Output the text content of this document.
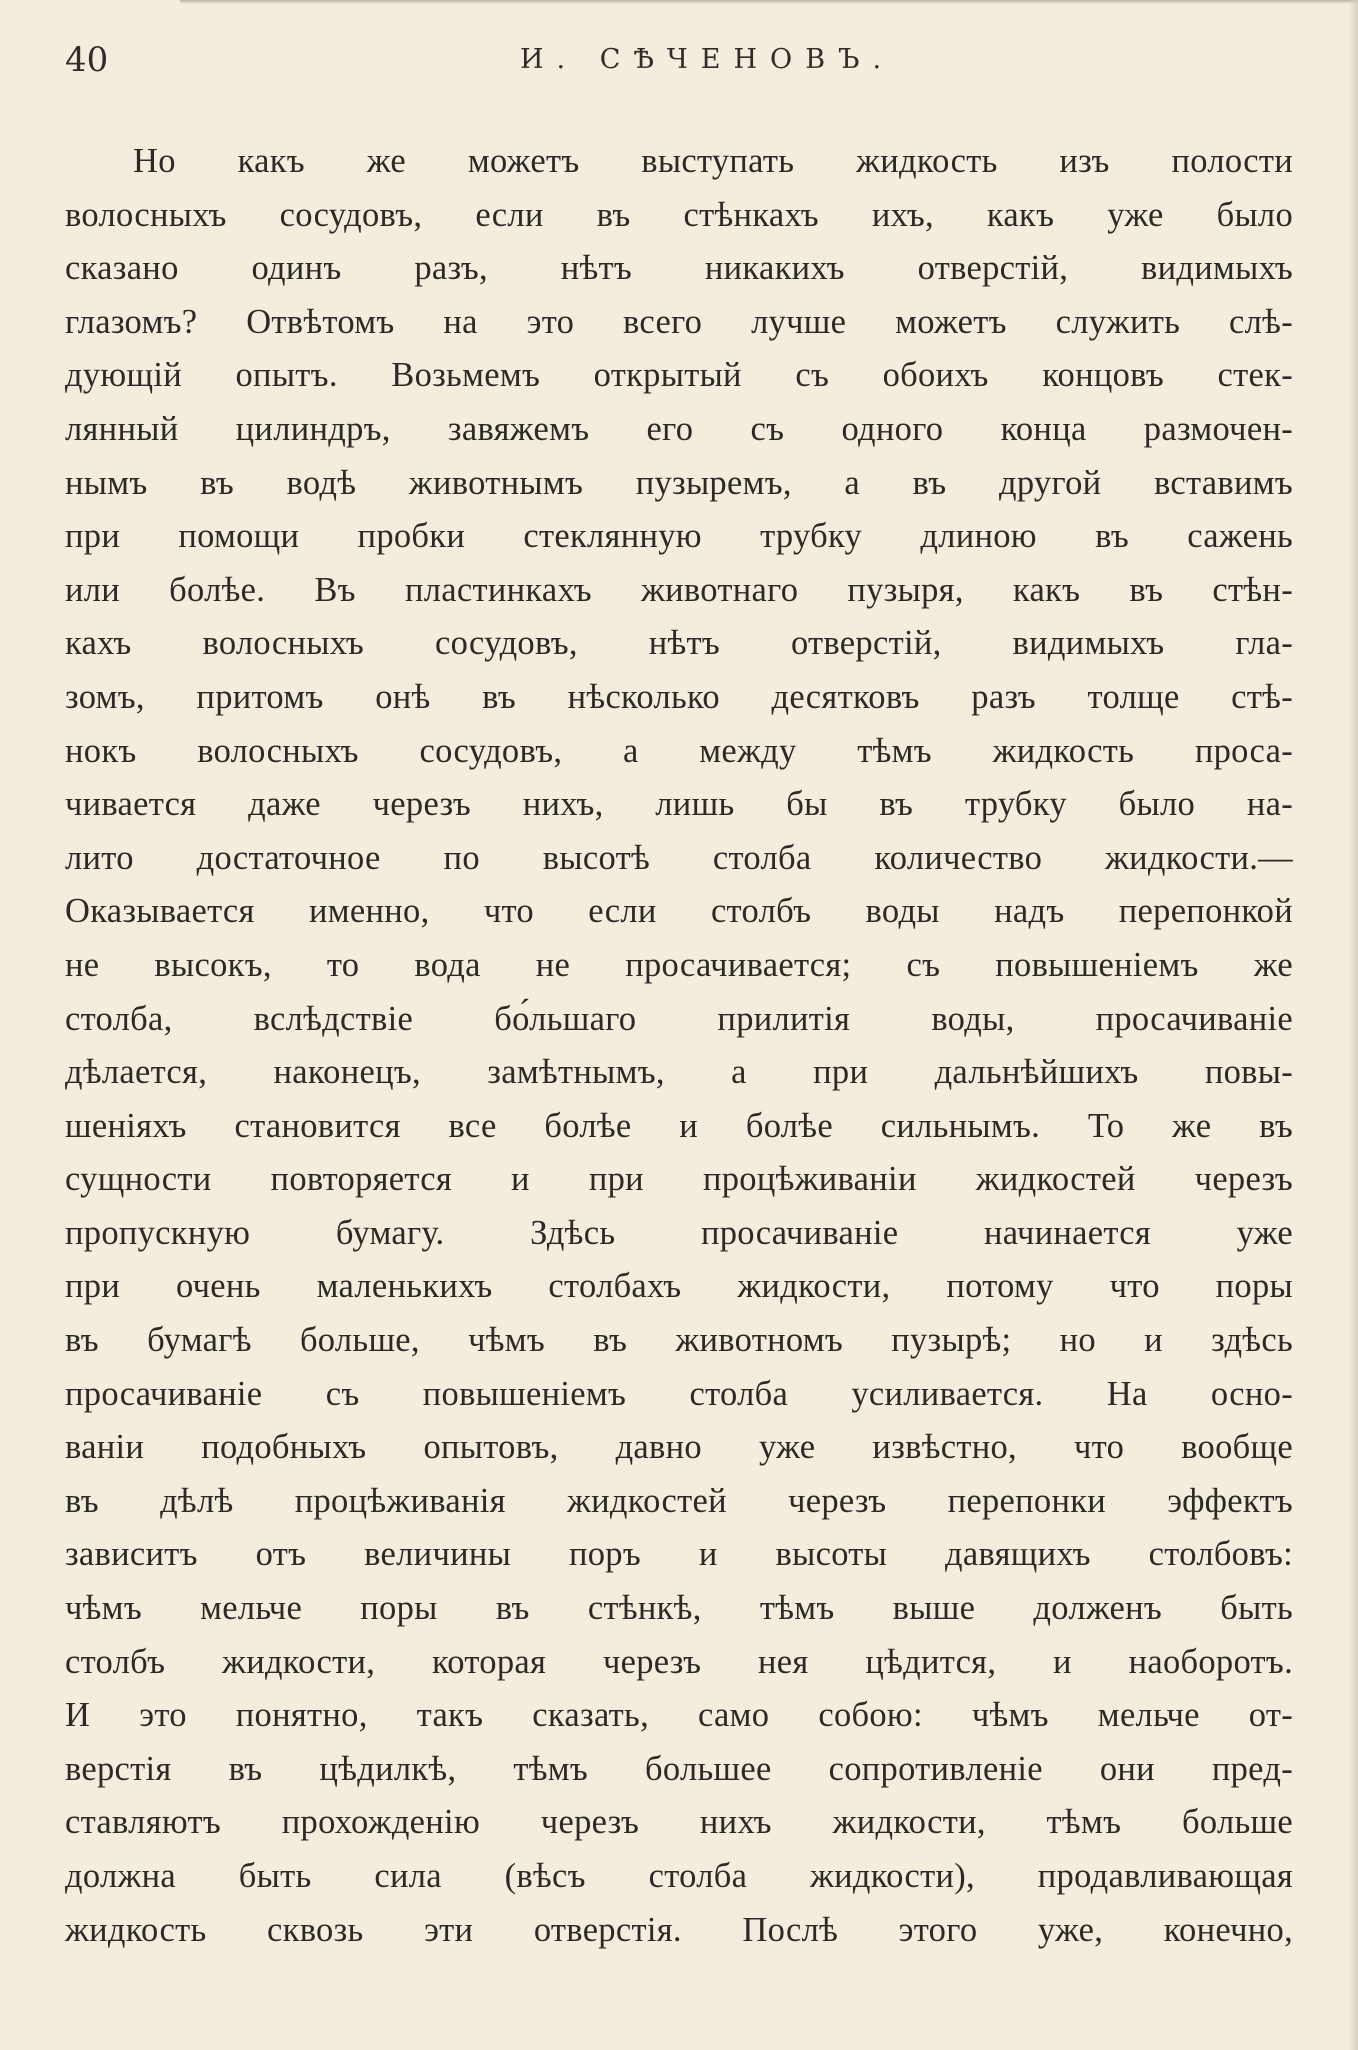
40	И. СѢЧЕНОВЪ.
Но какъ же можетъ выступать жидкость изъ полости
волосныхъ сосудовъ, если въ стѣнкахъ ихъ, какъ уже было
сказано одинъ разъ, нѣтъ никакихъ отверстій, видимыхъ
глазомъ? Отвѣтомъ на это всего лучше можетъ служить слѣ-
дующій опытъ. Возьмемъ открытый съ обоихъ концовъ стек-
лянный цилиндръ, завяжемъ его съ одного конца размочен-
нымъ въ водѣ животнымъ пузыремъ, а въ другой вставимъ
при помощи пробки стеклянную трубку длиною въ сажень
или болѣе. Въ пластинкахъ животнаго пузыря, какъ въ стѣн-
кахъ волосныхъ сосудовъ, нѣтъ отверстій, видимыхъ гла-
зомъ, притомъ онѣ въ нѣсколько десятковъ разъ толще стѣ-
нокъ волосныхъ сосудовъ, а между тѣмъ жидкость проса-
чивается даже черезъ нихъ, лишь бы въ трубку было на-
лито достаточное по высотѣ столба количество жидкости.—
Оказывается именно, что если столбъ воды надъ перепонкой
не высокъ, то вода не просачивается; съ повышеніемъ же
столба, вслѣдствіе бо́льшаго прилитія воды, просачиваніе
дѣлается, наконецъ, замѣтнымъ, а при дальнѣйшихъ повы-
шеніяхъ становится все болѣе и болѣе сильнымъ. То же въ
сущности повторяется и при процѣживаніи жидкостей черезъ
пропускную бумагу. Здѣсь просачиваніе начинается уже
при очень маленькихъ столбахъ жидкости, потому что поры
въ бумагѣ больше, чѣмъ въ животномъ пузырѣ; но и здѣсь
просачиваніе съ повышеніемъ столба усиливается. На осно-
ваніи подобныхъ опытовъ, давно уже извѣстно, что вообще
въ дѣлѣ процѣживанія жидкостей черезъ перепонки эффектъ
зависитъ отъ величины поръ и высоты давящихъ столбовъ:
чѣмъ мельче поры въ стѣнкѣ, тѣмъ выше долженъ быть
столбъ жидкости, которая черезъ нея цѣдится, и наоборотъ.
И это понятно, такъ сказать, само собою: чѣмъ мельче от-
верстія въ цѣдилкѣ, тѣмъ большее сопротивленіе они пред-
ставляютъ прохожденію черезъ нихъ жидкости, тѣмъ больше
должна быть сила (вѣсъ столба жидкости), продавливающая
жидкость сквозь эти отверстія. Послѣ этого уже, конечно,
